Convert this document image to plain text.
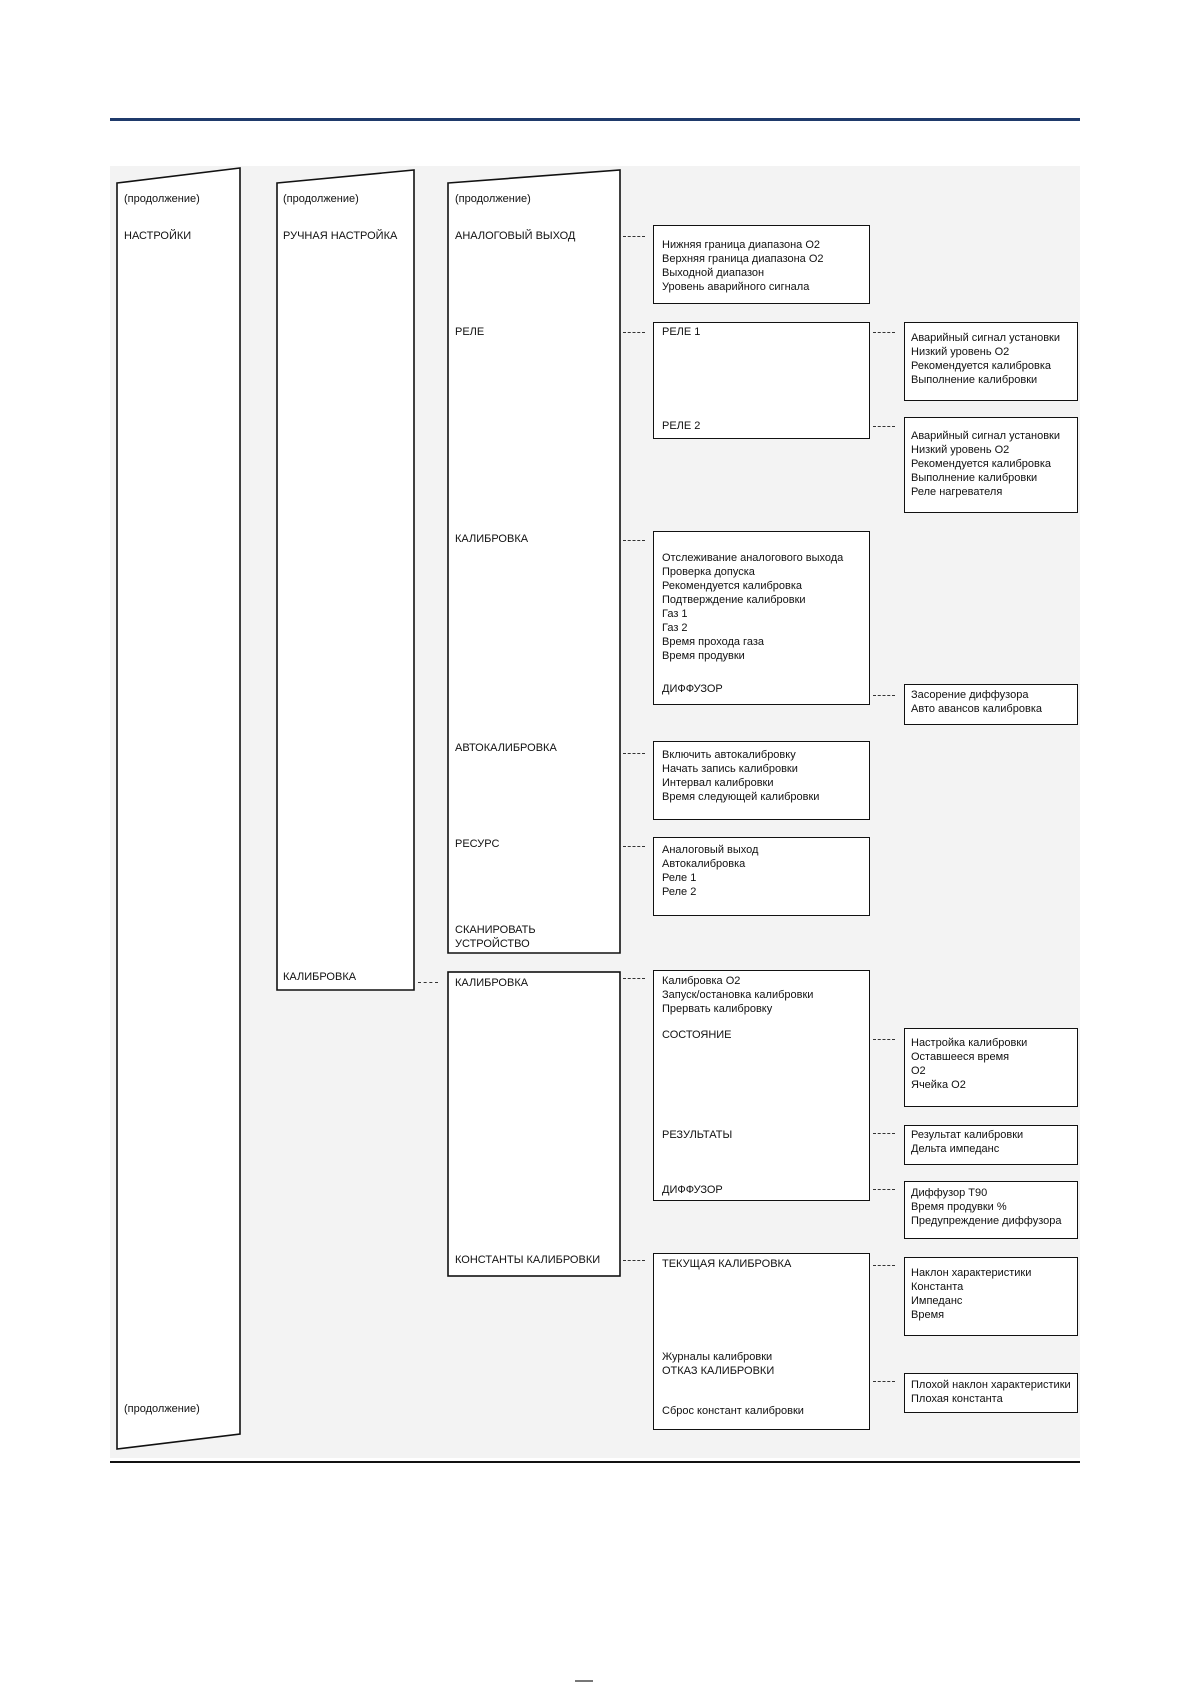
(продолжение)
НАСТРОЙКИ
(продолжение)
(продолжение)
РУЧНАЯ НАСТРОЙКА
КАЛИБРОВКА
(продолжение)
АНАЛОГОВЫЙ ВЫХОД
РЕЛЕ
КАЛИБРОВКА
АВТОКАЛИБРОВКА
РЕСУРС
СКАНИРОВАТЬ
УСТРОЙСТВО
КАЛИБРОВКА
КОНСТАНТЫ КАЛИБРОВКИ
Нижняя граница диапазона O2
Верхняя граница диапазона O2
Выходной диапазон
Уровень аварийного сигнала
РЕЛЕ 1
РЕЛЕ 2
Отслеживание аналогового выхода
Проверка допуска
Рекомендуется калибровка
Подтверждение калибровки
Газ 1
Газ 2
Время прохода газа
Время продувки
ДИФФУЗОР
Включить автокалибровку
Начать запись калибровки
Интервал калибровки
Время следующей калибровки
Аналоговый выход
Автокалибровка
Реле 1
Реле 2
Калибровка O2
Запуск/остановка калибровки
Прервать калибровку
СОСТОЯНИЕ
РЕЗУЛЬТАТЫ
ДИФФУЗОР
ТЕКУЩАЯ КАЛИБРОВКА
Журналы калибровки
ОТКАЗ КАЛИБРОВКИ
Сброс констант калибровки
Аварийный сигнал установки
Низкий уровень O2
Рекомендуется калибровка
Выполнение калибровки
Аварийный сигнал установки
Низкий уровень O2
Рекомендуется калибровка
Выполнение калибровки
Реле нагревателя
Засорение диффузора
Авто авансов калибровка
Настройка калибровки
Оставшееся время
O2
Ячейка O2
Результат калибровки
Дельта импеданс
Диффузор T90
Время продувки %
Предупреждение диффузора
Наклон характеристики
Константа
Импеданс
Время
Плохой наклон характеристики
Плохая константа
